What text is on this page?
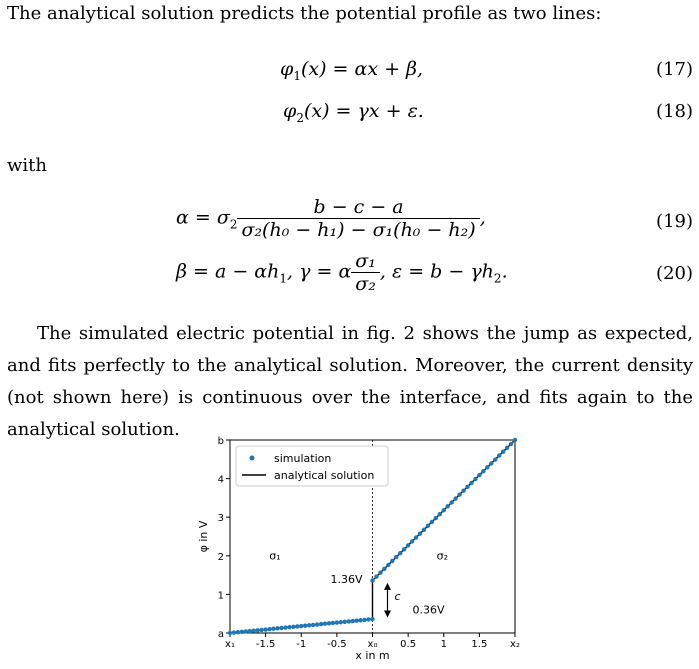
The analytical solution predicts the potential profile as two lines:
$\varphi_1(x) = \alpha x + \beta$,	(17)
$\varphi_2(x) = \gamma x + \varepsilon$.	(18)
with
$\alpha = \sigma_2 \frac{b - c - a}{\text{σ₂(h₀ − h₁) − σ₁(h₀ − h₂)}}$ ,	(19)
$\beta = a - \alpha h_1$, γ = α $\frac{\text{σ₁}}{\text{σ₂}}$ , $\varepsilon = b - \gamma h_2$.	(20)
The simulated electric potential in fig. 2 shows the jump as expected, and fits perfectly to the analytical solution. Moreover, the current density (not shown here) is continuous over the interface, and fits again to the analytical solution.
x₁ -1.5 -1 -0.5 x₀ 0.5 1 1.5 x₂
a
1
2
3
4
b
x in m
φ in V
σ₁	σ₂
1.36V
0.36V
c
simulation
analytical solution
